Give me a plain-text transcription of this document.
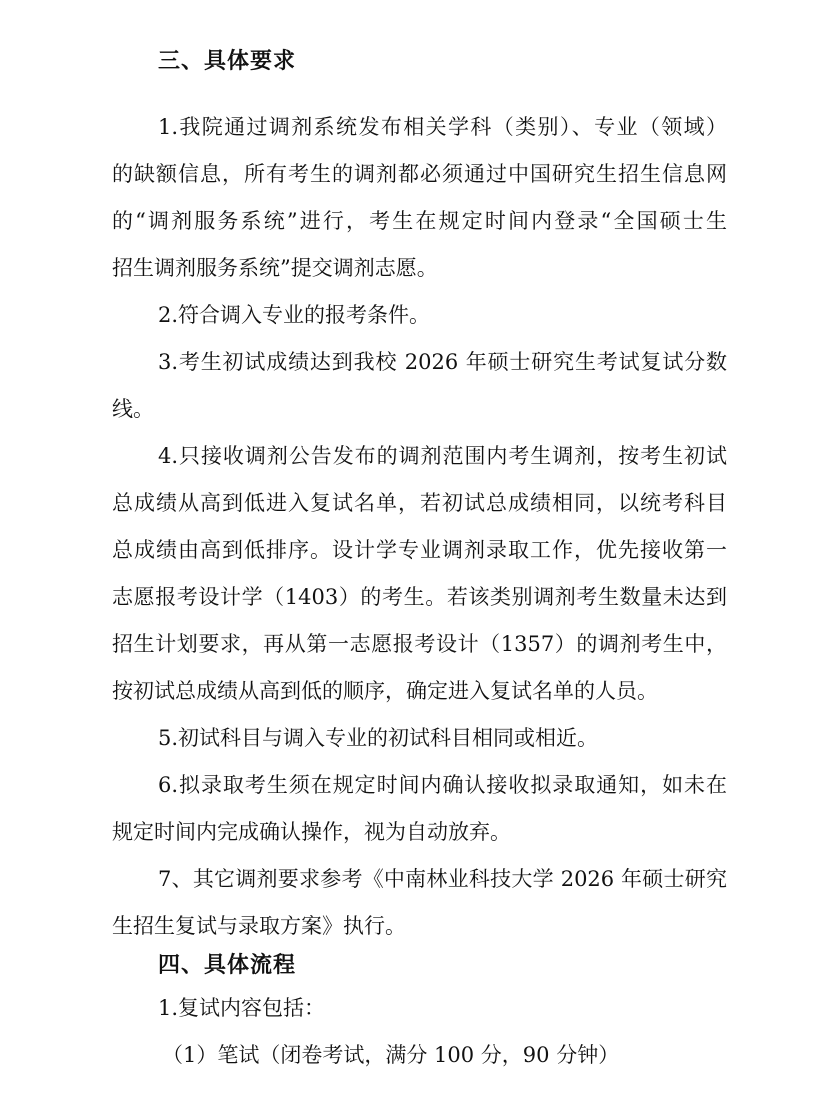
三、具体要求
1.我院通过调剂系统发布相关学科（类别）、专业（领域）
的缺额信息，所有考生的调剂都必须通过中国研究生招生信息网
的“调剂服务系统”进行，考生在规定时间内登录“全国硕士生
招生调剂服务系统”提交调剂志愿。
2.符合调入专业的报考条件。
3.考生初试成绩达到我校 2026 年硕士研究生考试复试分数
线。
4.只接收调剂公告发布的调剂范围内考生调剂，按考生初试
总成绩从高到低进入复试名单，若初试总成绩相同，以统考科目
总成绩由高到低排序。设计学专业调剂录取工作，优先接收第一
志愿报考设计学（1403）的考生。若该类别调剂考生数量未达到
招生计划要求，再从第一志愿报考设计（1357）的调剂考生中，
按初试总成绩从高到低的顺序，确定进入复试名单的人员。
5.初试科目与调入专业的初试科目相同或相近。
6.拟录取考生须在规定时间内确认接收拟录取通知，如未在
规定时间内完成确认操作，视为自动放弃。
7、其它调剂要求参考《中南林业科技大学 2026 年硕士研究
生招生复试与录取方案》执行。
四、具体流程
1.复试内容包括：
（1）笔试（闭卷考试，满分 100 分，90 分钟）
